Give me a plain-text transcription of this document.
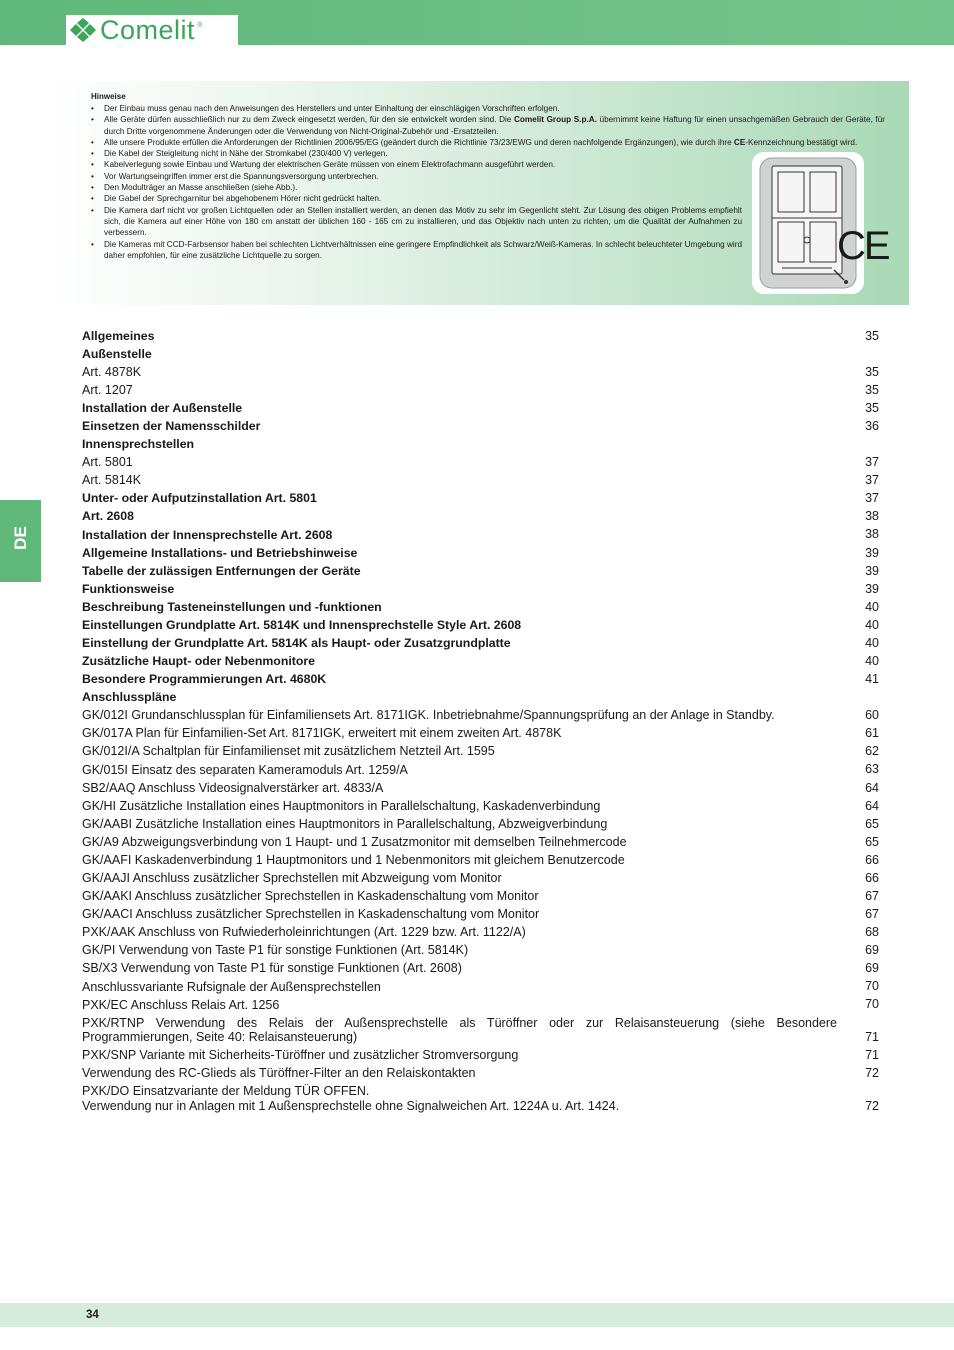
Comelit ®
Hinweise
• Der Einbau muss genau nach den Anweisungen des Herstellers und unter Einhaltung der einschlägigen Vorschriften erfolgen.
• Alle Geräte dürfen ausschließlich nur zu dem Zweck eingesetzt werden, für den sie entwickelt worden sind. Die Comelit Group S.p.A. übernimmt keine Haftung für einen unsachgemäßen Gebrauch der Geräte, für durch Dritte vorgenommene Änderungen oder die Verwendung von Nicht-Original-Zubehör und -Ersatzteilen.
• Alle unsere Produkte erfüllen die Anforderungen der Richtlinien 2006/95/EG (geändert durch die Richtlinie 73/23/EWG und deren nachfolgende Ergänzungen), wie durch ihre CE-Kennzeichnung bestätigt wird.
• Die Kabel der Steigleitung nicht in Nähe der Stromkabel (230/400 V) verlegen.
• Kabelverlegung sowie Einbau und Wartung der elektrischen Geräte müssen von einem Elektrofachmann ausgeführt werden.
• Vor Wartungseingriffen immer erst die Spannungsversorgung unterbrechen.
• Den Modulträger an Masse anschließen (siehe Abb.).
• Die Gabel der Sprechgarnitur bei abgehobenem Hörer nicht gedrückt halten.
• Die Kamera darf nicht vor großen Lichtquellen oder an Stellen installiert werden, an denen das Motiv zu sehr im Gegenlicht steht. Zur Lösung des obigen Problems empfiehlt sich, die Kamera auf einer Höhe von 180 cm anstatt der üblichen 160 - 165 cm zu installieren, und das Objektiv nach unten zu richten, um die Qualität der Aufnahmen zu verbessern.
• Die Kameras mit CCD-Farbsensor haben bei schlechten Lichtverhältnissen eine geringere Empfindlichkeit als Schwarz/Weiß-Kameras. In schlecht beleuchteter Umgebung wird daher empfohlen, für eine zusätzliche Lichtquelle zu sorgen.	CE
DE
Allgemeines	35
Außenstelle
Art. 4878K	35
Art. 1207	35
Installation der Außenstelle	35
Einsetzen der Namensschilder	36
Innensprechstellen
Art. 5801	37
Art. 5814K	37
Unter- oder Aufputzinstallation Art. 5801	37
Art. 2608	38
Installation der Innensprechstelle Art. 2608	38
Allgemeine Installations- und Betriebshinweise	39
Tabelle der zulässigen Entfernungen der Geräte	39
Funktionsweise	39
Beschreibung Tasteneinstellungen und -funktionen	40
Einstellungen Grundplatte Art. 5814K und Innensprechstelle Style Art. 2608	40
Einstellung der Grundplatte Art. 5814K als Haupt- oder Zusatzgrundplatte	40
Zusätzliche Haupt- oder Nebenmonitore	40
Besondere Programmierungen Art. 4680K	41
Anschlusspläne
GK/012I Grundanschlussplan für Einfamiliensets Art. 8171IGK. Inbetriebnahme/Spannungsprüfung an der Anlage in Standby.	60
GK/017A Plan für Einfamilien-Set Art. 8171IGK, erweitert mit einem zweiten Art. 4878K	61
GK/012I/A Schaltplan für Einfamilienset mit zusätzlichem Netzteil Art. 1595	62
GK/015I Einsatz des separaten Kameramoduls Art. 1259/A	63
SB2/AAQ Anschluss Videosignalverstärker art. 4833/A	64
GK/HI Zusätzliche Installation eines Hauptmonitors in Parallelschaltung, Kaskadenverbindung	64
GK/AABI Zusätzliche Installation eines Hauptmonitors in Parallelschaltung, Abzweigverbindung	65
GK/A9 Abzweigungsverbindung von 1 Haupt- und 1 Zusatzmonitor mit demselben Teilnehmercode	65
GK/AAFI Kaskadenverbindung 1 Hauptmonitors und 1 Nebenmonitors mit gleichem Benutzercode	66
GK/AAJI Anschluss zusätzlicher Sprechstellen mit Abzweigung vom Monitor	66
GK/AAKI Anschluss zusätzlicher Sprechstellen in Kaskadenschaltung vom Monitor	67
GK/AACI Anschluss zusätzlicher Sprechstellen in Kaskadenschaltung vom Monitor	67
PXK/AAK Anschluss von Rufwiederholeinrichtungen (Art. 1229 bzw. Art. 1122/A)	68
GK/PI Verwendung von Taste P1 für sonstige Funktionen (Art. 5814K)	69
SB/X3 Verwendung von Taste P1 für sonstige Funktionen (Art. 2608)	69
Anschlussvariante Rufsignale der Außensprechstellen	70
PXK/EC Anschluss Relais Art. 1256	70
PXK/RTNP Verwendung des Relais der Außensprechstelle als Türöffner oder zur Relaisansteuerung (siehe Besondere Programmierungen, Seite 40: Relaisansteuerung)	71
PXK/SNP Variante mit Sicherheits-Türöffner und zusätzlicher Stromversorgung	71
Verwendung des RC-Glieds als Türöffner-Filter an den Relaiskontakten	72
PXK/DO Einsatzvariante der Meldung TÜR OFFEN.
Verwendung nur in Anlagen mit 1 Außensprechstelle ohne Signalweichen Art. 1224A u. Art. 1424.	72
34
